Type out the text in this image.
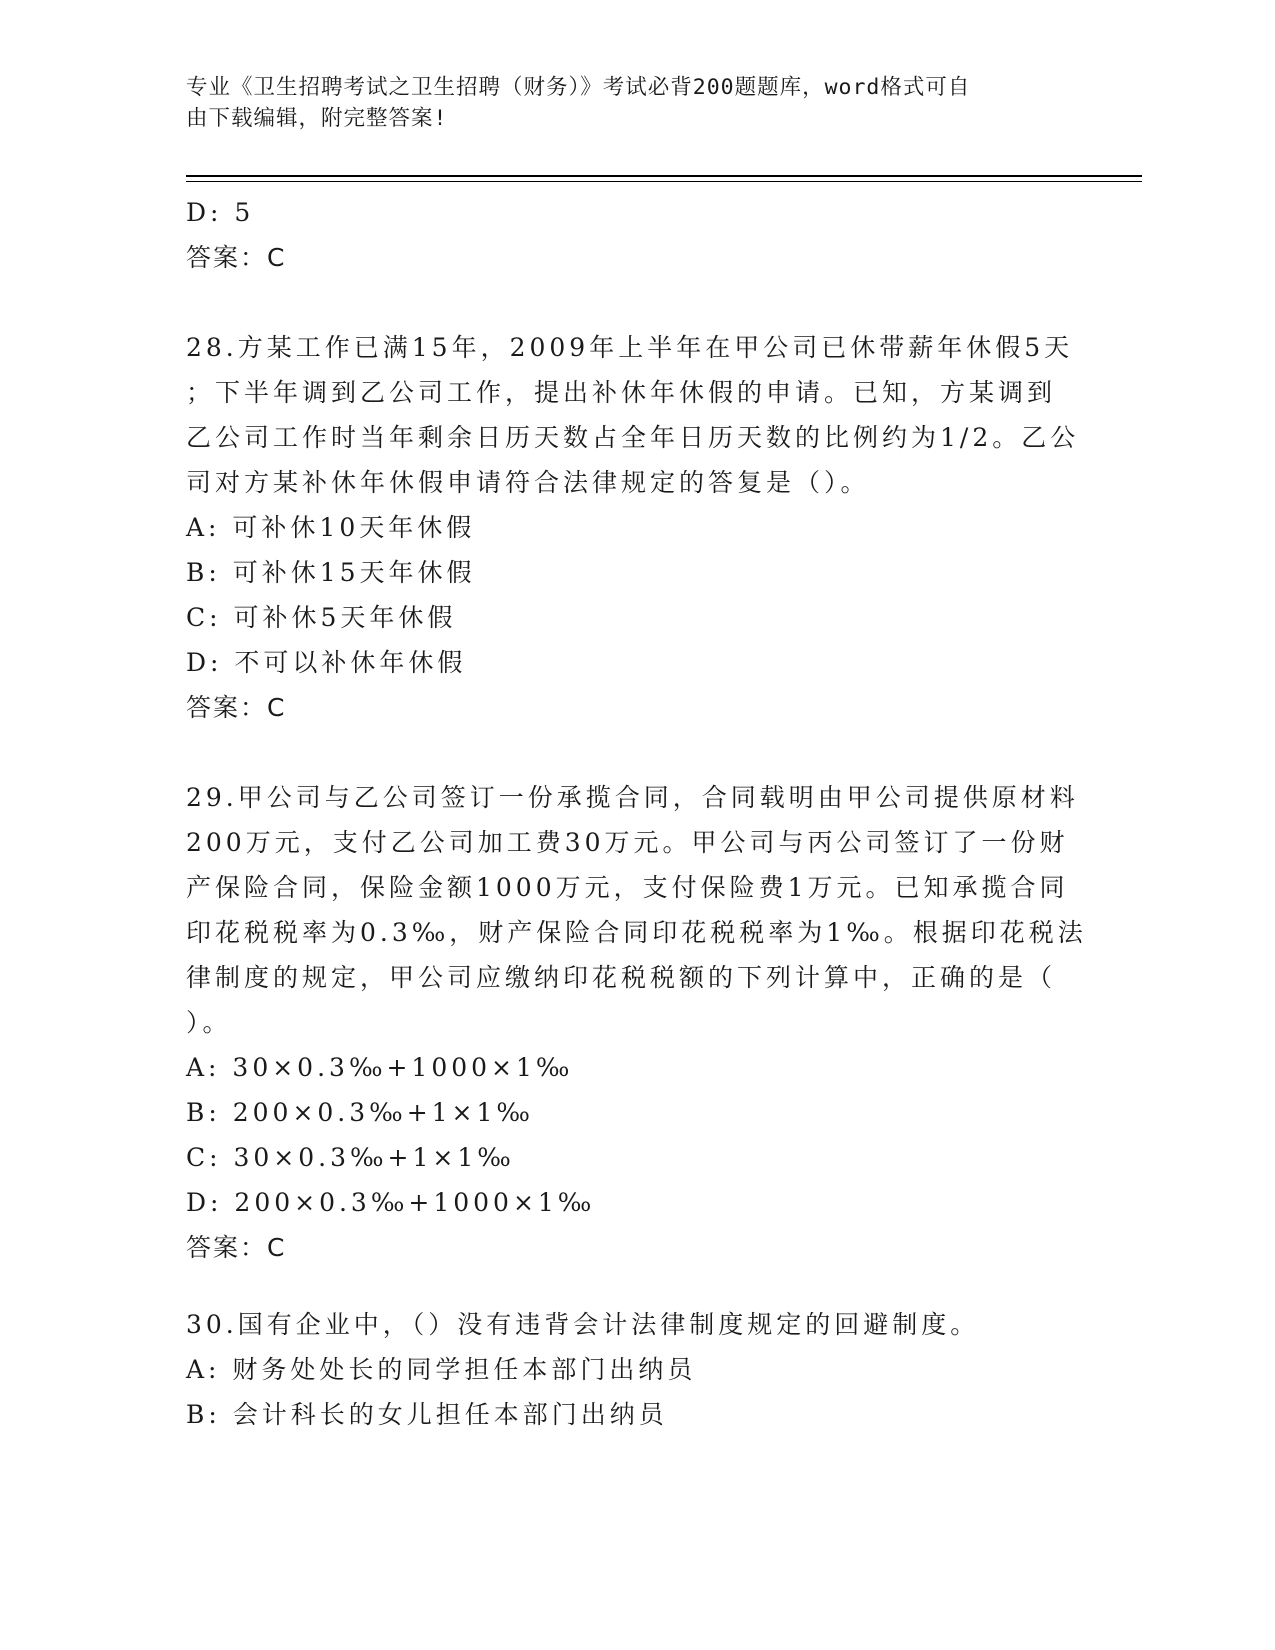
专业《卫生招聘考试之卫生招聘（财务）》考试必背200题题库，word格式可自
由下载编辑，附完整答案!

D: 5

答案：C

28.方某工作已满15年，2009年上半年在甲公司已休带薪年休假5天

；下半年调到乙公司工作，提出补休年休假的申请。已知，方某调到

乙公司工作时当年剩余日历天数占全年日历天数的比例约为1/2。乙公

司对方某补休年休假申请符合法律规定的答复是（）。

A: 可补休10天年休假

B: 可补休15天年休假

C: 可补休5天年休假

D: 不可以补休年休假

答案：C

29.甲公司与乙公司签订一份承揽合同，合同载明由甲公司提供原材料

200万元，支付乙公司加工费30万元。甲公司与丙公司签订了一份财

产保险合同，保险金额1000万元，支付保险费1万元。已知承揽合同

印花税税率为0.3‰，财产保险合同印花税税率为1‰。根据印花税法

律制度的规定，甲公司应缴纳印花税税额的下列计算中，正确的是（

）。

A: 30×0.3‰+1000×1‰

B: 200×0.3‰+1×1‰

C: 30×0.3‰+1×1‰

D: 200×0.3‰+1000×1‰

答案：C

30.国有企业中，（）没有违背会计法律制度规定的回避制度。

A: 财务处处长的同学担任本部门出纳员

B: 会计科长的女儿担任本部门出纳员
